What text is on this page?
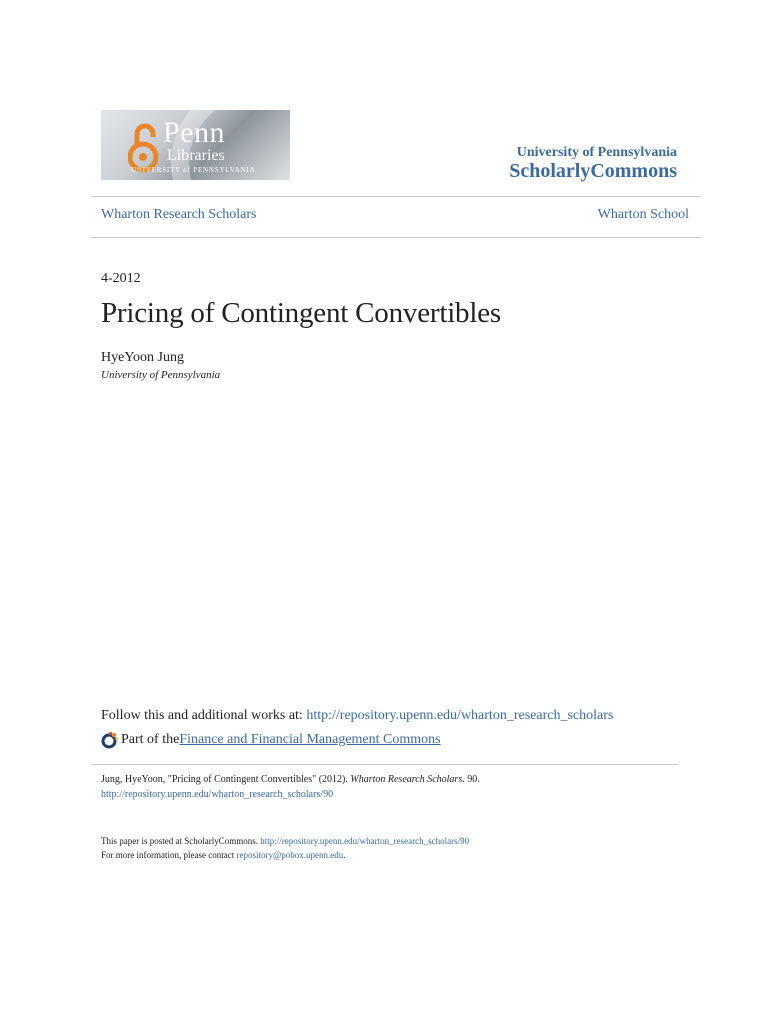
Penn
Libraries
UNIVERSITY of PENNSYLVANIA
University of Pennsylvania
ScholarlyCommons
Wharton Research Scholars	Wharton School
4-2012
Pricing of Contingent Convertibles
HyeYoon Jung
University of Pennsylvania
Follow this and additional works at: http://repository.upenn.edu/wharton_research_scholars
Part of the Finance and Financial Management Commons
Jung, HyeYoon, "Pricing of Contingent Convertibles" (2012). Wharton Research Scholars. 90.
http://repository.upenn.edu/wharton_research_scholars/90
This paper is posted at ScholarlyCommons. http://repository.upenn.edu/wharton_research_scholars/90
For more information, please contact repository@pobox.upenn.edu.
